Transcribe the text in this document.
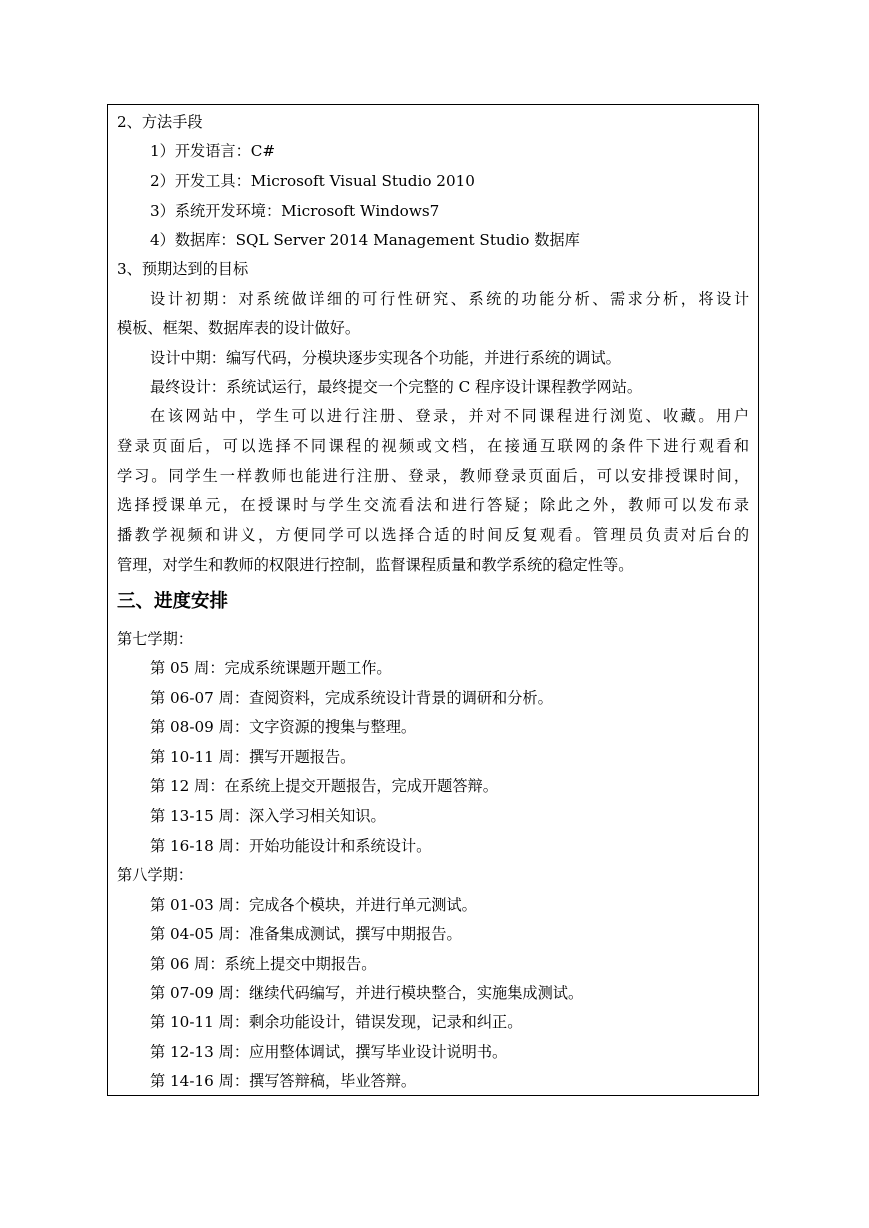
2、方法手段
1）开发语言：C#
2）开发工具：Microsoft Visual Studio 2010
3）系统开发环境：Microsoft Windows7
4）数据库：SQL Server 2014 Management Studio 数据库
3、预期达到的目标
设计初期：对系统做详细的可行性研究、系统的功能分析、需求分析，将设计
模板、框架、数据库表的设计做好。
设计中期：编写代码，分模块逐步实现各个功能，并进行系统的调试。
最终设计：系统试运行，最终提交一个完整的 C 程序设计课程教学网站。
在该网站中，学生可以进行注册、登录，并对不同课程进行浏览、收藏。用户
登录页面后，可以选择不同课程的视频或文档，在接通互联网的条件下进行观看和
学习。同学生一样教师也能进行注册、登录，教师登录页面后，可以安排授课时间，
选择授课单元，在授课时与学生交流看法和进行答疑；除此之外，教师可以发布录
播教学视频和讲义，方便同学可以选择合适的时间反复观看。管理员负责对后台的
管理，对学生和教师的权限进行控制，监督课程质量和教学系统的稳定性等。
三、进度安排
第七学期：
第 05 周：完成系统课题开题工作。
第 06-07 周：查阅资料，完成系统设计背景的调研和分析。
第 08-09 周：文字资源的搜集与整理。
第 10-11 周：撰写开题报告。
第 12 周：在系统上提交开题报告，完成开题答辩。
第 13-15 周：深入学习相关知识。
第 16-18 周：开始功能设计和系统设计。
第八学期：
第 01-03 周：完成各个模块，并进行单元测试。
第 04-05 周：准备集成测试，撰写中期报告。
第 06 周：系统上提交中期报告。
第 07-09 周：继续代码编写，并进行模块整合，实施集成测试。
第 10-11 周：剩余功能设计，错误发现，记录和纠正。
第 12-13 周：应用整体调试，撰写毕业设计说明书。
第 14-16 周：撰写答辩稿，毕业答辩。
